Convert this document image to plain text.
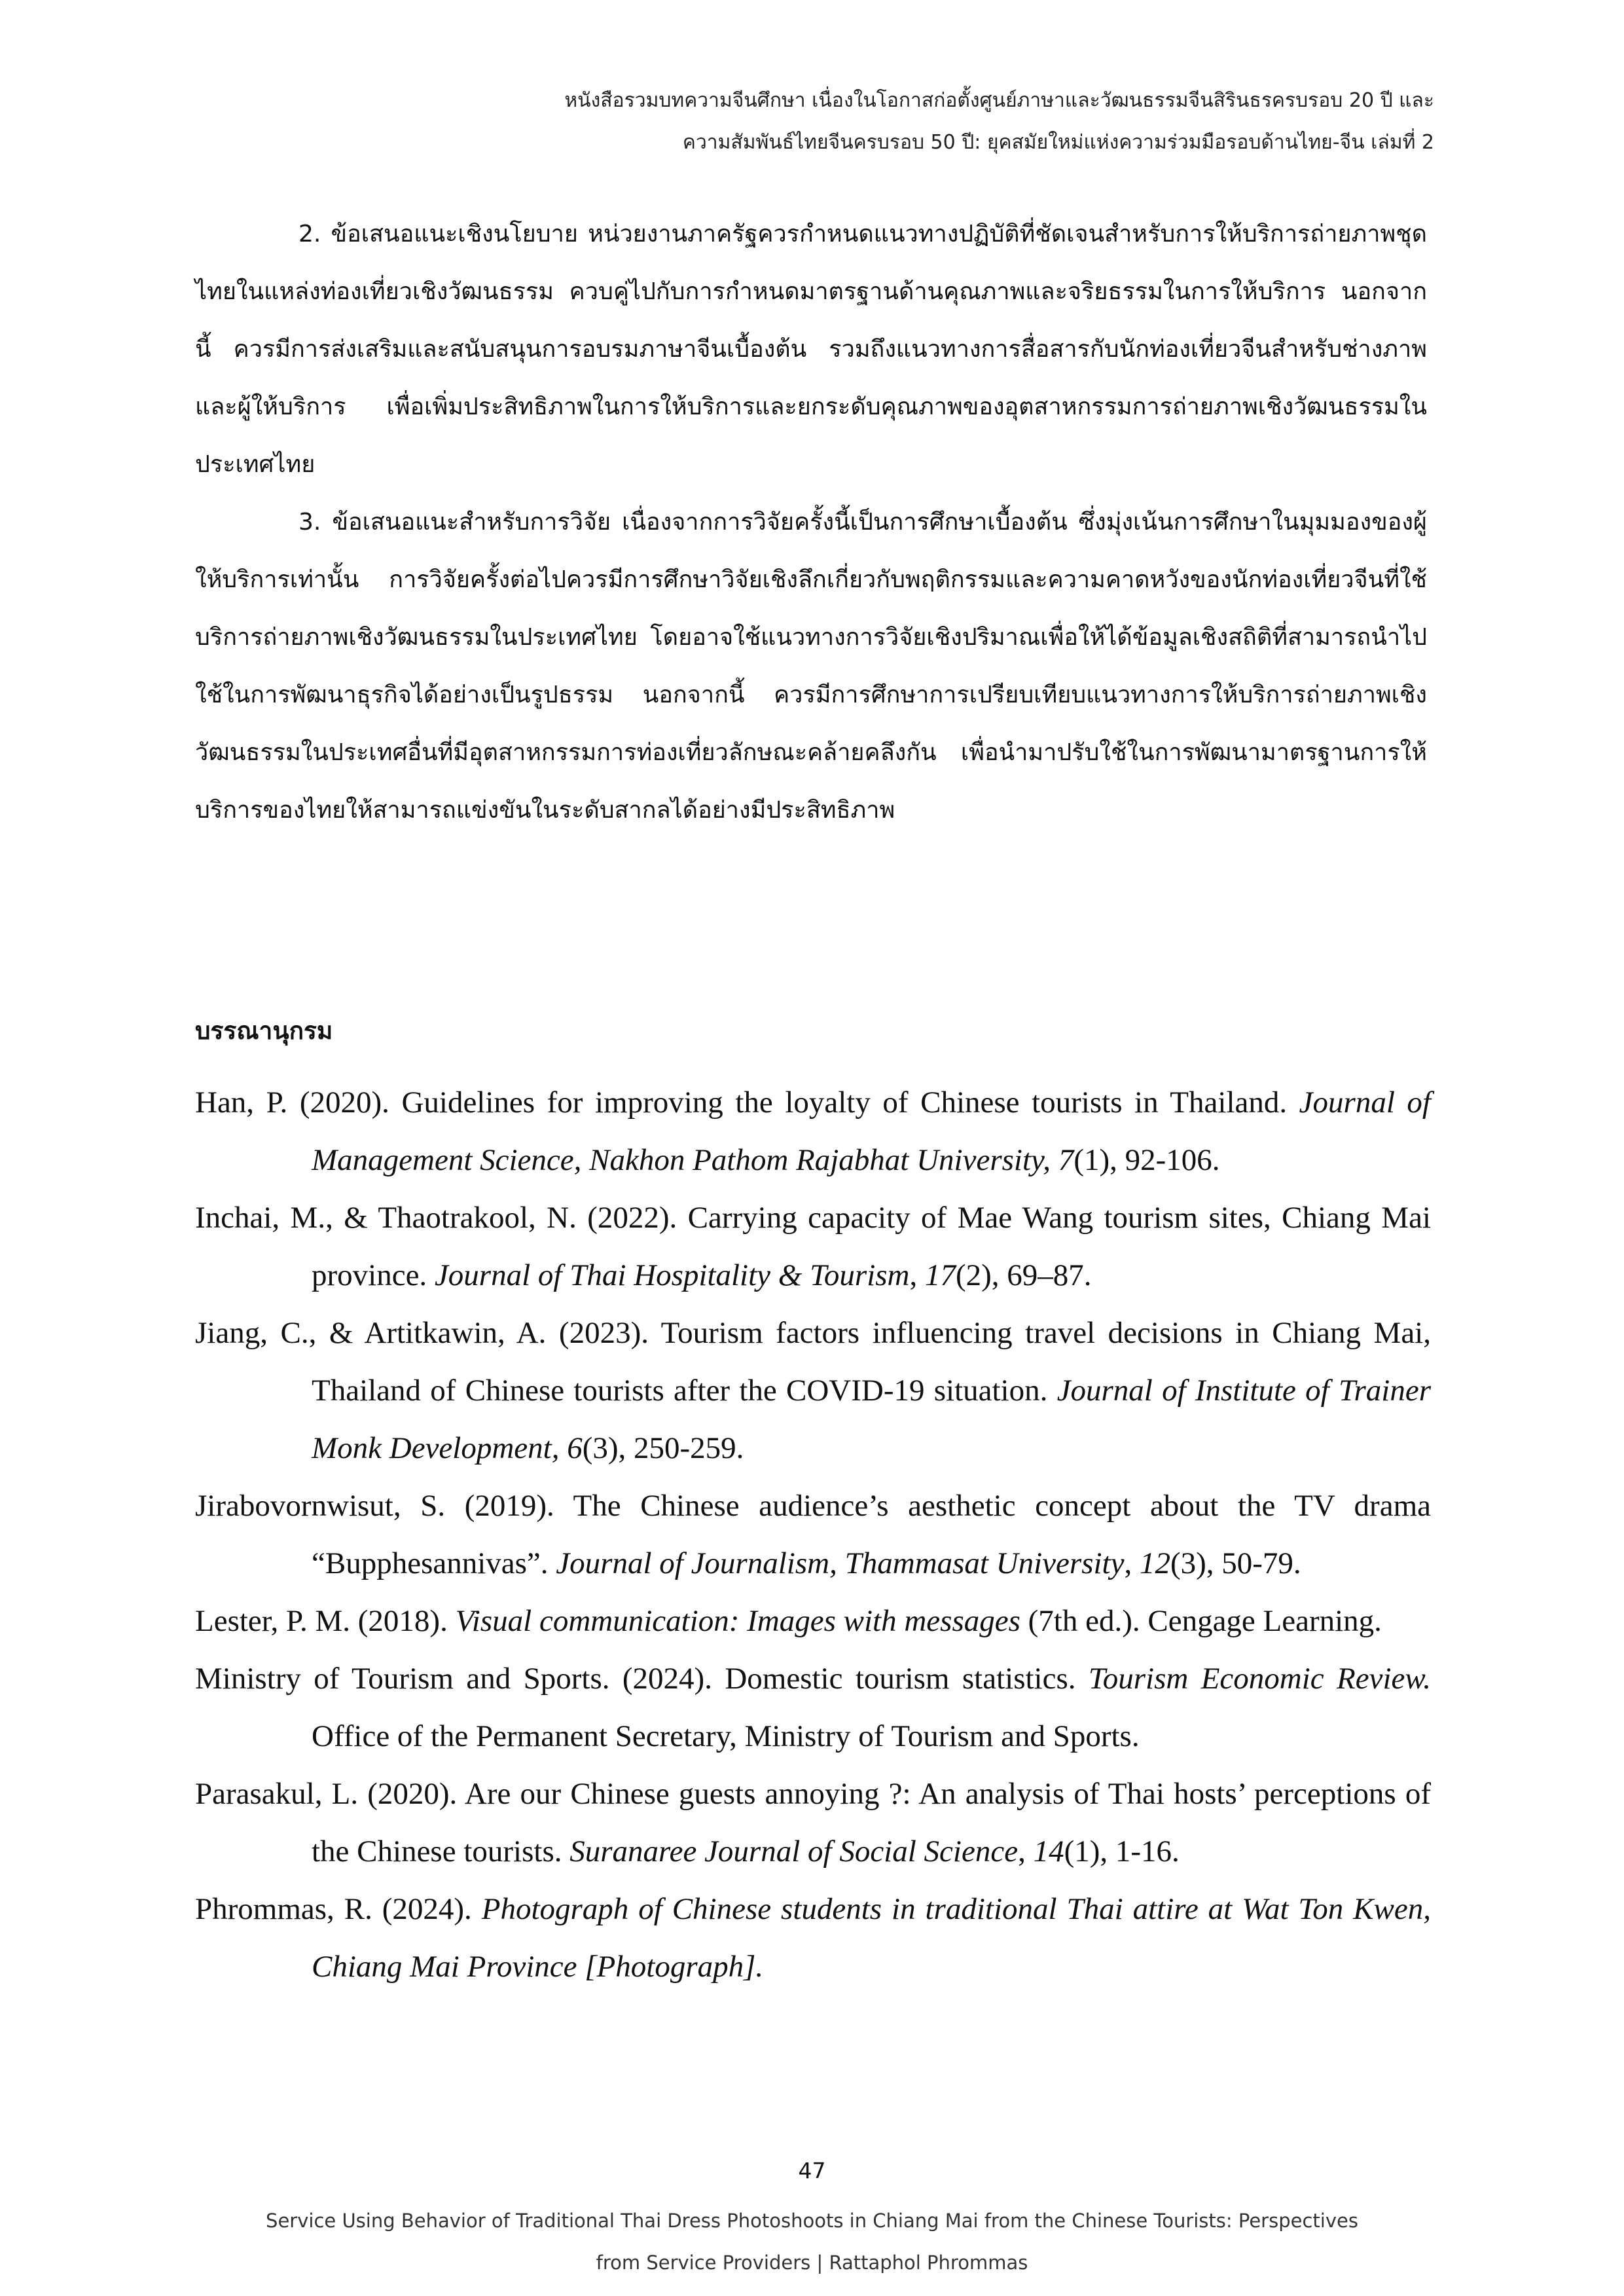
หนังสือรวมบทความจีนศึกษา เนื่องในโอกาสก่อตั้งศูนย์ภาษาและวัฒนธรรมจีนสิรินธรครบรอบ 20 ปี และ
ความสัมพันธ์ไทยจีนครบรอบ 50 ปี: ยุคสมัยใหม่แห่งความร่วมมือรอบด้านไทย-จีน เล่มที่ 2

2. ข้อเสนอแนะเชิงนโยบาย หน่วยงานภาครัฐควรกำหนดแนวทางปฏิบัติที่ชัดเจนสำหรับการให้บริการถ่ายภาพชุดไทยในแหล่งท่องเที่ยวเชิงวัฒนธรรม ควบคู่ไปกับการกำหนดมาตรฐานด้านคุณภาพและจริยธรรมในการให้บริการ นอกจากนี้ ควรมีการส่งเสริมและสนับสนุนการอบรมภาษาจีนเบื้องต้น รวมถึงแนวทางการสื่อสารกับนักท่องเที่ยวจีนสำหรับช่างภาพและผู้ให้บริการ เพื่อเพิ่มประสิทธิภาพในการให้บริการและยกระดับคุณภาพของอุตสาหกรรมการถ่ายภาพเชิงวัฒนธรรมในประเทศไทย

3. ข้อเสนอแนะสำหรับการวิจัย เนื่องจากการวิจัยครั้งนี้เป็นการศึกษาเบื้องต้น ซึ่งมุ่งเน้นการศึกษาในมุมมองของผู้ให้บริการเท่านั้น การวิจัยครั้งต่อไปควรมีการศึกษาวิจัยเชิงลึกเกี่ยวกับพฤติกรรมและความคาดหวังของนักท่องเที่ยวจีนที่ใช้บริการถ่ายภาพเชิงวัฒนธรรมในประเทศไทย โดยอาจใช้แนวทางการวิจัยเชิงปริมาณเพื่อให้ได้ข้อมูลเชิงสถิติที่สามารถนำไปใช้ในการพัฒนาธุรกิจได้อย่างเป็นรูปธรรม นอกจากนี้ ควรมีการศึกษาการเปรียบเทียบแนวทางการให้บริการถ่ายภาพเชิงวัฒนธรรมในประเทศอื่นที่มีอุตสาหกรรมการท่องเที่ยวลักษณะคล้ายคลึงกัน เพื่อนำมาปรับใช้ในการพัฒนามาตรฐานการให้บริการของไทยให้สามารถแข่งขันในระดับสากลได้อย่างมีประสิทธิภาพ

บรรณานุกรม

Han, P. (2020). Guidelines for improving the loyalty of Chinese tourists in Thailand. Journal of Management Science, Nakhon Pathom Rajabhat University, 7(1), 92-106.

Inchai, M., & Thaotrakool, N. (2022). Carrying capacity of Mae Wang tourism sites, Chiang Mai province. Journal of Thai Hospitality & Tourism, 17(2), 69–87.

Jiang, C., & Artitkawin, A. (2023). Tourism factors influencing travel decisions in Chiang Mai, Thailand of Chinese tourists after the COVID-19 situation. Journal of Institute of Trainer Monk Development, 6(3), 250-259.

Jirabovornwisut, S. (2019). The Chinese audience’s aesthetic concept about the TV drama “Bupphesannivas”. Journal of Journalism, Thammasat University, 12(3), 50-79.

Lester, P. M. (2018). Visual communication: Images with messages (7th ed.). Cengage Learning.

Ministry of Tourism and Sports. (2024). Domestic tourism statistics. Tourism Economic Review. Office of the Permanent Secretary, Ministry of Tourism and Sports.

Parasakul, L. (2020). Are our Chinese guests annoying ?: An analysis of Thai hosts’ perceptions of the Chinese tourists. Suranaree Journal of Social Science, 14(1), 1-16.

Phrommas, R. (2024). Photograph of Chinese students in traditional Thai attire at Wat Ton Kwen, Chiang Mai Province [Photograph].

47
Service Using Behavior of Traditional Thai Dress Photoshoots in Chiang Mai from the Chinese Tourists: Perspectives
from Service Providers | Rattaphol Phrommas
